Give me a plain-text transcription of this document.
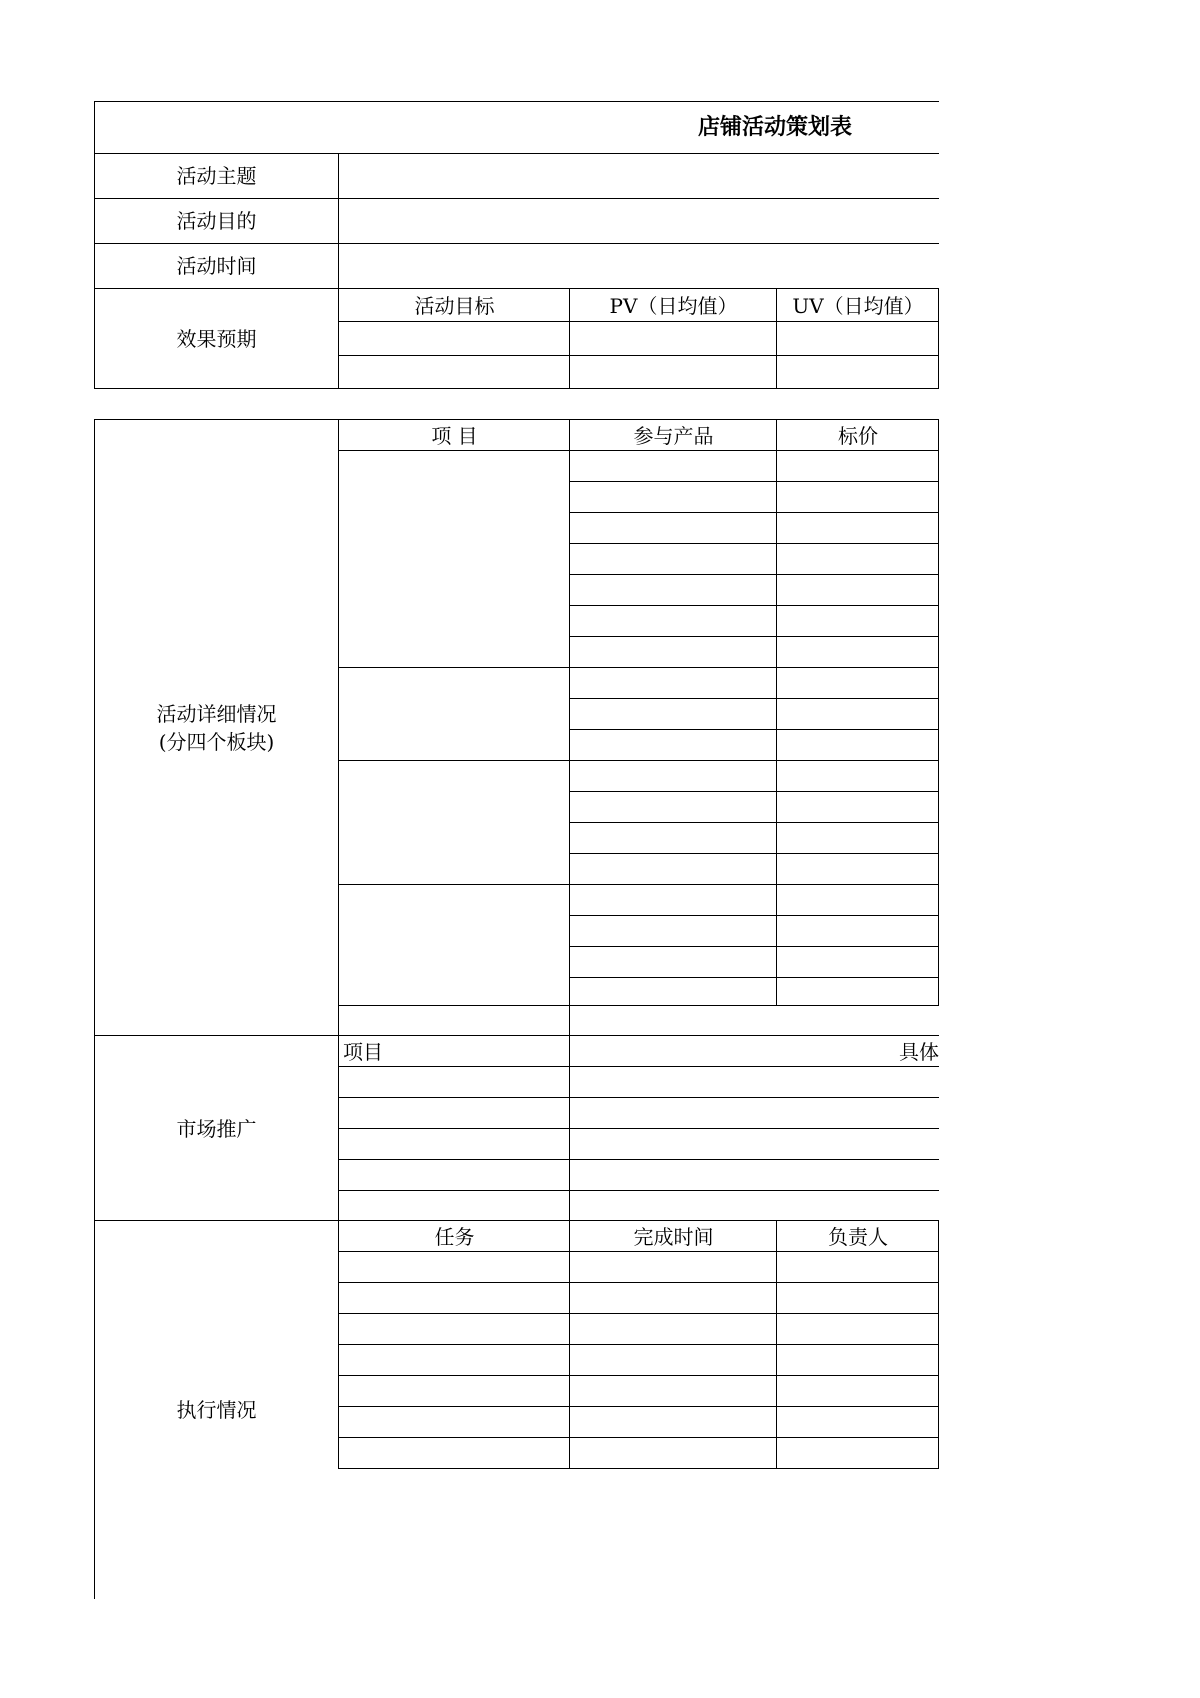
店铺活动策划表
活动主题
活动目的
活动时间
效果预期
活动目标	PV（日均值）	UV（日均值）
活动详细情况
(分四个板块)
项 目	参与产品	标价
市场推广
项目	具体
执行情况
任务	完成时间	负责人
